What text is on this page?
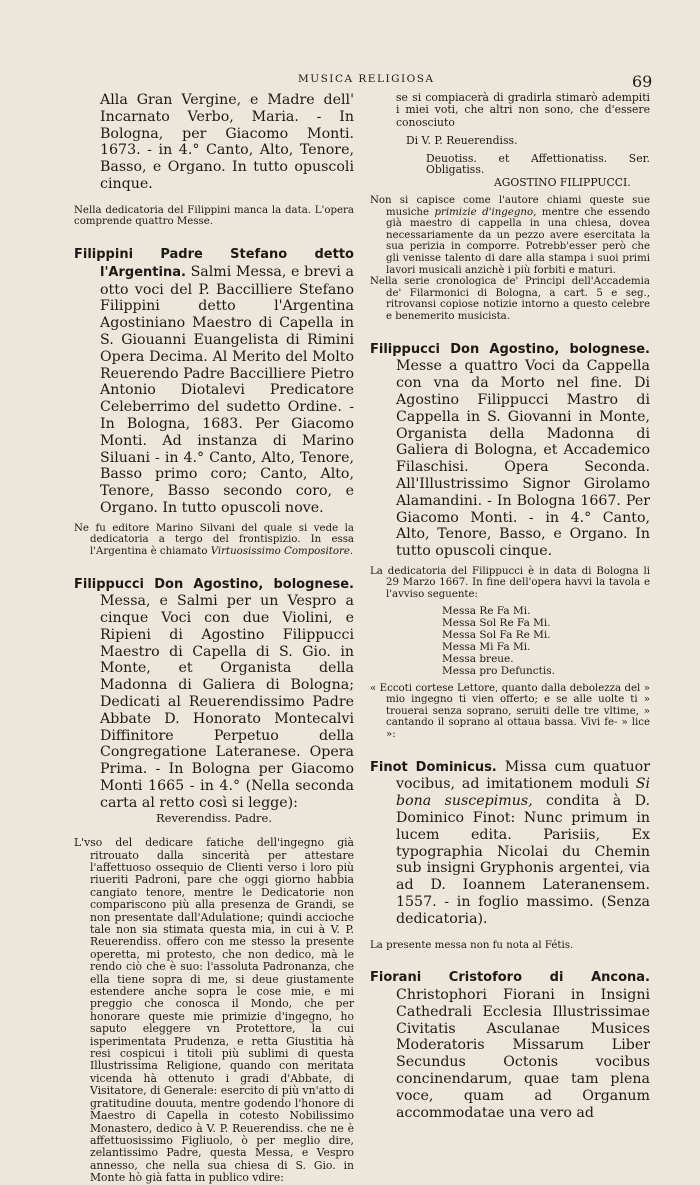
MUSICA RELIGIOSA	69

Alla Gran Vergine, e Madre dell' Incarnato Verbo, Maria. - In Bologna, per Giacomo Monti. 1673. - in 4.° Canto, Alto, Tenore, Basso, e Organo. In tutto opuscoli cinque.

Nella dedicatoria del Filippini manca la data. L'opera comprende quattro Messe.

Filippini Padre Stefano detto l'Argentina. Salmi Messa, e brevi a otto voci del P. Baccilliere Stefano Filippini detto l'Argentina Agostiniano Maestro di Capella in S. Giouanni Euangelista di Rimini Opera Decima. Al Merito del Molto Reuerendo Padre Baccilliere Pietro Antonio Diotalevi Predicatore Celeberrimo del sudetto Ordine. - In Bologna, 1683. Per Giacomo Monti. Ad instanza di Marino Siluani - in 4.° Canto, Alto, Tenore, Basso primo coro; Canto, Alto, Tenore, Basso secondo coro, e Organo. In tutto opuscoli nove.

Ne fu editore Marino Silvani del quale si vede la dedicatoria a tergo del frontispizio. In essa l'Argentina è chiamato Virtuosissimo Compositore.

Filippucci Don Agostino, bolognese. Messa, e Salmi per un Vespro a cinque Voci con due Violini, e Ripieni di Agostino Filippucci Maestro di Capella di S. Gio. in Monte, et Organista della Madonna di Galiera di Bologna; Dedicati al Reuerendissimo Padre Abbate D. Honorato Montecalvi Diffinitore Perpetuo della Congregatione Lateranese. Opera Prima. - In Bologna per Giacomo Monti 1665 - in 4.° (Nella seconda carta al retto così si legge):

Reverendiss. Padre.

L'vso del dedicare fatiche dell'ingegno già ritrouato dalla sincerità per attestare l'affettuoso ossequio de Clienti verso i loro più riueriti Padroni, pare che oggi giorno habbia cangiato tenore, mentre le Dedicatorie non compariscono più alla presenza de Grandi, se non presentate dall'Adulatione; quindi accioche tale non sia stimata questa mia, in cui à V. P. Reuerendiss. offero con me stesso la presente operetta, mi protesto, che non dedico, mà le rendo ciò che è suo: l'assoluta Padronanza, che ella tiene sopra di me, si deue giustamente estendere anche sopra le cose mie, e mi preggio che conosca il Mondo, che per honorare queste mie primizie d'ingegno, ho saputo eleggere vn Protettore, la cui isperimentata Prudenza, e retta Giustitia hà resi cospicui i titoli più sublimi di questa Illustrissima Religione, quando con meritata vicenda hà ottenuto i gradi d'Abbate, di Visitatore, di Generale: esercito di più vn'atto di gratitudine douuta, mentre godendo l'honore di Maestro di Capella in cotesto Nobilissimo Monastero, dedico à V. P. Reuerendiss. che ne è affettuosissimo Figliuolo, ò per meglio dire, zelantissimo Padre, questa Messa, e Vespro annesso, che nella sua chiesa di S. Gio. in Monte hò già fatta in publico vdire:

se si compiacerà di gradirla stimarò adempiti i miei voti, che altri non sono, che d'essere conosciuto

Di V. P. Reuerendiss.

Deuotiss. et Affettionatiss. Ser. Obligatiss.

AGOSTINO FILIPPUCCI.

Non si capisce come l'autore chiami queste sue musiche primizie d'ingegno, mentre che essendo già maestro di cappella in una chiesa, dovea necessariamente da un pezzo avere esercitata la sua perizia in comporre. Potrebb'esser però che gli venisse talento di dare alla stampa i suoi primi lavori musicali anzichè i più forbiti e maturi.

Nella serie cronologica de' Principi dell'Accademia de' Filarmonici di Bologna, a cart. 5 e seg., ritrovansi copiose notizie intorno a questo celebre e benemerito musicista.

Filippucci Don Agostino, bolognese. Messe a quattro Voci da Cappella con vna da Morto nel fine. Di Agostino Filippucci Mastro di Cappella in S. Giovanni in Monte, Organista della Madonna di Galiera di Bologna, et Accademico Filaschisi. Opera Seconda. All'Illustrissimo Signor Girolamo Alamandini. - In Bologna 1667. Per Giacomo Monti. - in 4.° Canto, Alto, Tenore, Basso, e Organo. In tutto opuscoli cinque.

La dedicatoria del Filippucci è in data di Bologna li 29 Marzo 1667. In fine dell'opera havvi la tavola e l'avviso seguente:

Messa Re Fa Mi.
Messa Sol Re Fa Mi.
Messa Sol Fa Re Mi.
Messa Mi Fa Mi.
Messa breue.
Messa pro Defunctis.

« Eccoti cortese Lettore, quanto dalla debolezza del » mio ingegno ti vien offerto; e se alle uolte ti » trouerai senza soprano, seruiti delle tre vltime, » cantando il soprano al ottaua bassa. Vivi fe- » lice »:

Finot Dominicus. Missa cum quatuor vocibus, ad imitationem moduli Si bona suscepimus, condita à D. Dominico Finot: Nunc primum in lucem edita. Parisiis, Ex typographia Nicolai du Chemin sub insigni Gryphonis argentei, via ad D. Ioannem Lateranensem. 1557. - in foglio massimo. (Senza dedicatoria).

La presente messa non fu nota al Fétis.

Fiorani Cristoforo di Ancona. Christophori Fiorani in Insigni Cathedrali Ecclesia Illustrissimae Civitatis Asculanae Musices Moderatoris Missarum Liber Secundus Octonis vocibus concinendarum, quae tam plena voce, quam ad Organum accommodatae una vero ad
